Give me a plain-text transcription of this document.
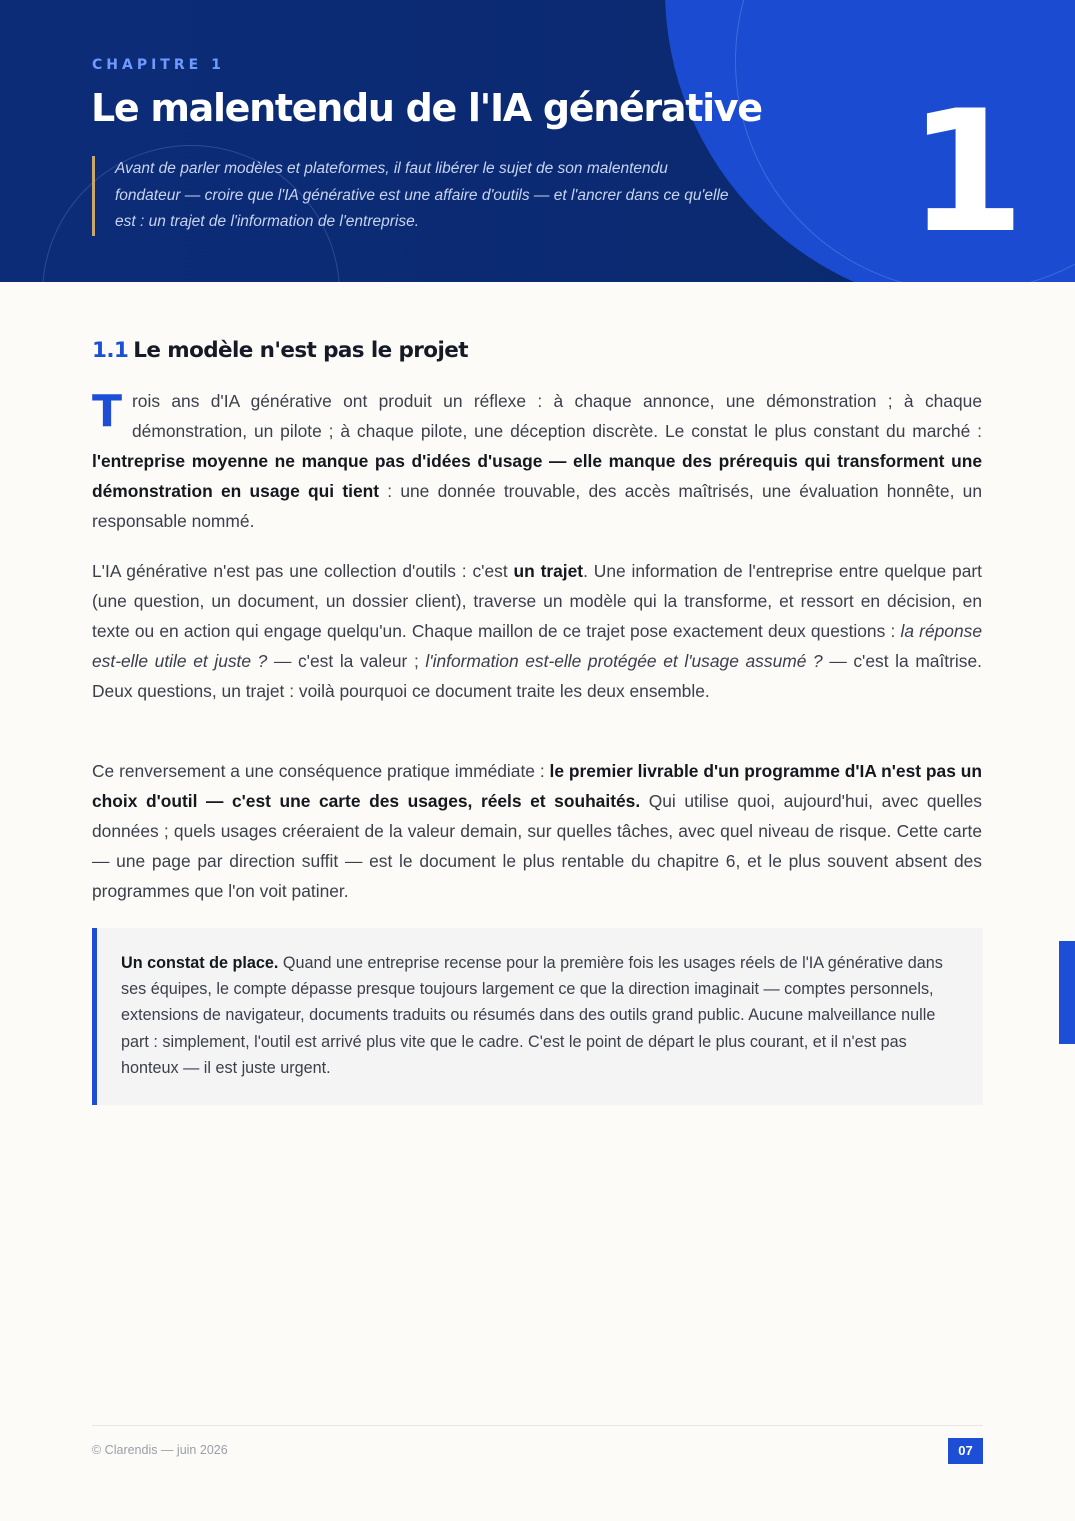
CHAPITRE 1
Le malentendu de l'IA générative

Avant de parler modèles et plateformes, il faut libérer le sujet de son malentendu fondateur — croire que l'IA générative est une affaire d'outils — et l'ancrer dans ce qu'elle est : un trajet de l'information de l'entreprise.	1
1.1 Le modèle n'est pas le projet

Trois ans d'IA générative ont produit un réflexe : à chaque annonce, une démonstration ; à chaque démonstration, un pilote ; à chaque pilote, une déception discrète. Le constat le plus constant du marché : l'entreprise moyenne ne manque pas d'idées d'usage — elle manque des prérequis qui transforment une démonstration en usage qui tient : une donnée trouvable, des accès maîtrisés, une évaluation honnête, un responsable nommé.

L'IA générative n'est pas une collection d'outils : c'est un trajet. Une information de l'entreprise entre quelque part (une question, un document, un dossier client), traverse un modèle qui la transforme, et ressort en décision, en texte ou en action qui engage quelqu'un. Chaque maillon de ce trajet pose exactement deux questions : la réponse est-elle utile et juste ? — c'est la valeur ; l'information est-elle protégée et l'usage assumé ? — c'est la maîtrise. Deux questions, un trajet : voilà pourquoi ce document traite les deux ensemble.

Ce renversement a une conséquence pratique immédiate : le premier livrable d'un programme d'IA n'est pas un choix d'outil — c'est une carte des usages, réels et souhaités. Qui utilise quoi, aujourd'hui, avec quelles données ; quels usages créeraient de la valeur demain, sur quelles tâches, avec quel niveau de risque. Cette carte — une page par direction suffit — est le document le plus rentable du chapitre 6, et le plus souvent absent des programmes que l'on voit patiner.

Un constat de place. Quand une entreprise recense pour la première fois les usages réels de l'IA générative dans ses équipes, le compte dépasse presque toujours largement ce que la direction imaginait — comptes personnels, extensions de navigateur, documents traduits ou résumés dans des outils grand public. Aucune malveillance nulle part : simplement, l'outil est arrivé plus vite que le cadre. C'est le point de départ le plus courant, et il n'est pas honteux — il est juste urgent.

© Clarendis — juin 2026	07
